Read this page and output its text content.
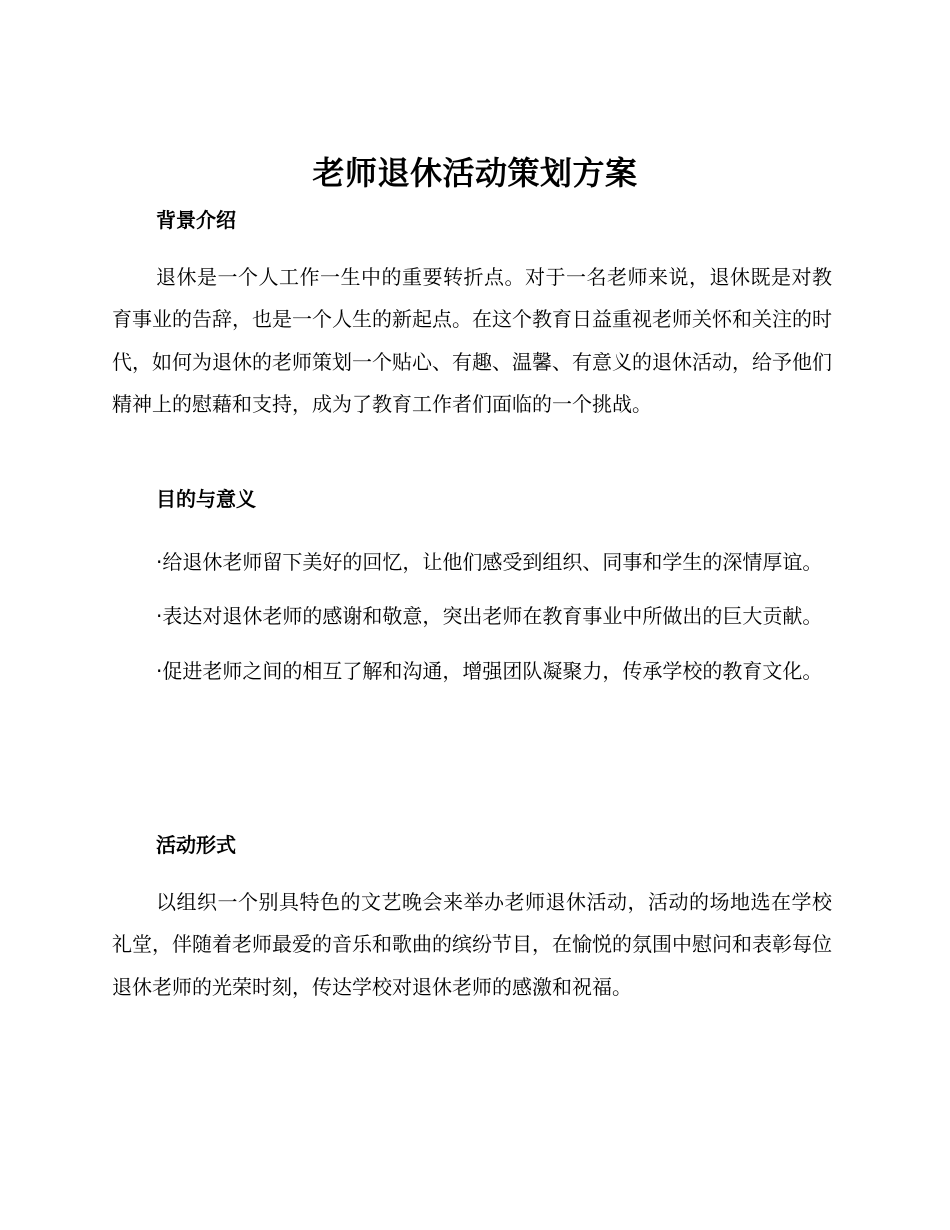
老师退休活动策划方案

背景介绍

退休是一个人工作一生中的重要转折点。对于一名老师来说，退休既是对教育事业的告辞，也是一个人生的新起点。在这个教育日益重视老师关怀和关注的时代，如何为退休的老师策划一个贴心、有趣、温馨、有意义的退休活动，给予他们精神上的慰藉和支持，成为了教育工作者们面临的一个挑战。

目的与意义

·给退休老师留下美好的回忆，让他们感受到组织、同事和学生的深情厚谊。

·表达对退休老师的感谢和敬意，突出老师在教育事业中所做出的巨大贡献。

·促进老师之间的相互了解和沟通，增强团队凝聚力，传承学校的教育文化。

活动形式

以组织一个别具特色的文艺晚会来举办老师退休活动，活动的场地选在学校礼堂，伴随着老师最爱的音乐和歌曲的缤纷节目，在愉悦的氛围中慰问和表彰每位退休老师的光荣时刻，传达学校对退休老师的感激和祝福。
